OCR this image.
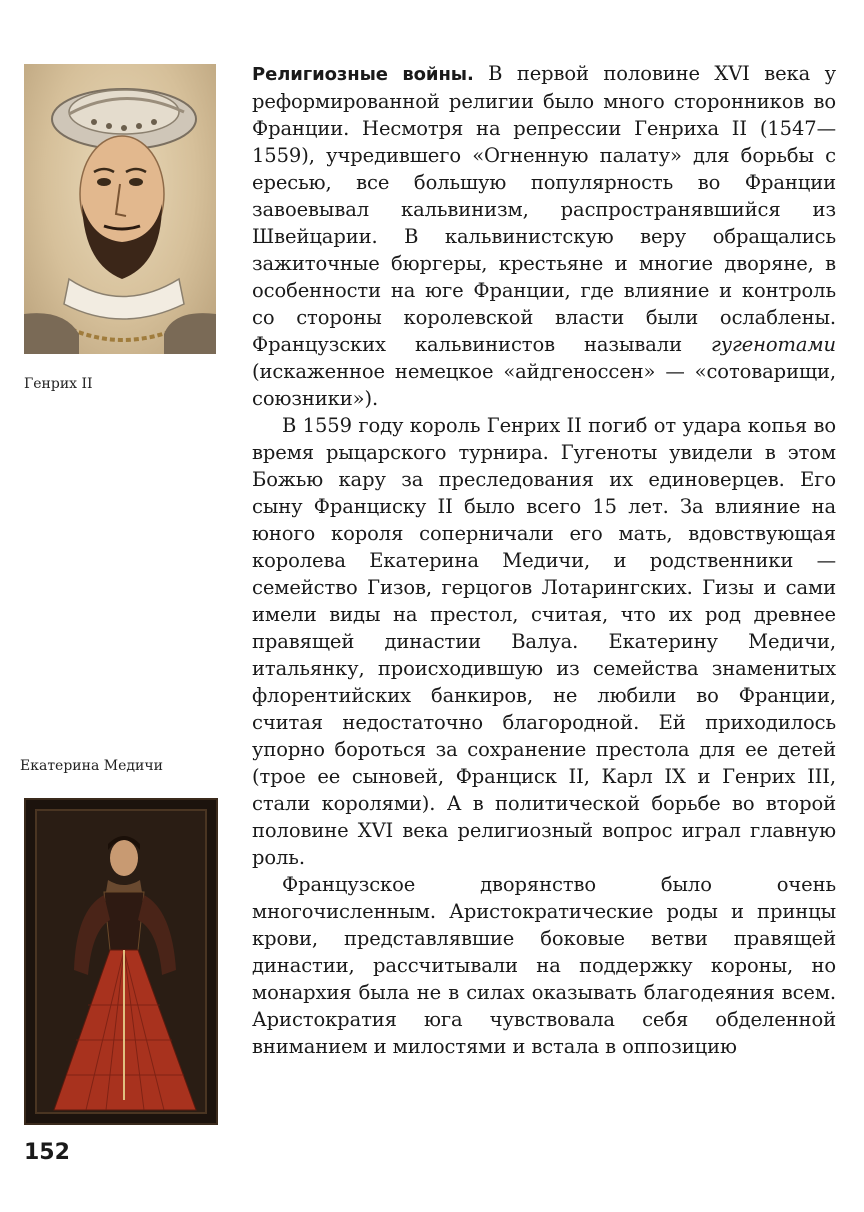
Генрих II
Екатерина Медичи

Религиозные войны. В первой половине XVI века у реформированной религии было много сторонников во Франции. Несмотря на репрессии Генриха II (1547—1559), учредившего «Огненную палату» для борьбы с ересью, все большую популярность во Франции завоевывал кальвинизм, распространявшийся из Швейцарии. В кальвинистскую веру обращались зажиточные бюргеры, крестьяне и многие дворяне, в особенности на юге Франции, где влияние и контроль со стороны королевской власти были ослаблены. Французских кальвинистов называли гугенотами (искаженное немецкое «айдгеноссен» — «сотоварищи, союзники»).

В 1559 году король Генрих II погиб от удара копья во время рыцарского турнира. Гугеноты увидели в этом Божью кару за преследования их единоверцев. Его сыну Франциску II было всего 15 лет. За влияние на юного короля соперничали его мать, вдовствующая королева Екатерина Медичи, и родственники — семейство Гизов, герцогов Лотарингских. Гизы и сами имели виды на престол, считая, что их род древнее правящей династии Валуа. Екатерину Медичи, итальянку, происходившую из семейства знаменитых флорентийских банкиров, не любили во Франции, считая недостаточно благородной. Ей приходилось упорно бороться за сохранение престола для ее детей (трое ее сыновей, Франциск II, Карл IX и Генрих III, стали королями). А в политической борьбе во второй половине XVI века религиозный вопрос играл главную роль.

Французское дворянство было очень многочисленным. Аристократические роды и принцы крови, представлявшие боковые ветви правящей династии, рассчитывали на поддержку короны, но монархия была не в силах оказывать благодеяния всем. Аристократия юга чувствовала себя обделенной вниманием и милостями и встала в оппозицию

152
